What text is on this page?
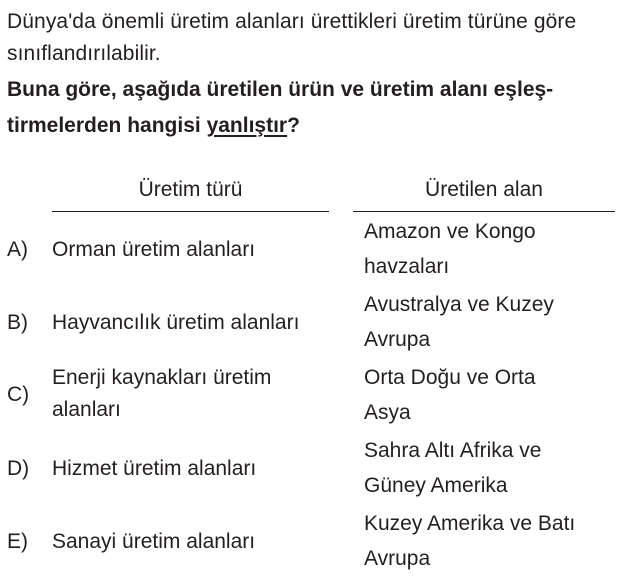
Dünya'da önemli üretim alanları ürettikleri üretim türüne göre sınıflandırılabilir.
Buna göre, aşağıda üretilen ürün ve üretim alanı eşleş-tirmelerden hangisi yanlıştır?
Üretim türü	Üretilen alan
A) Orman üretim alanları
Amazon ve Kongo
havzaları
B) Hayvancılık üretim alanları
Avustralya ve Kuzey
Avrupa
C)
Enerji kaynakları üretim alanları
Orta Doğu ve Orta
Asya
D) Hizmet üretim alanları
Sahra Altı Afrika ve
Güney Amerika
E) Sanayi üretim alanları
Kuzey Amerika ve Batı
Avrupa
